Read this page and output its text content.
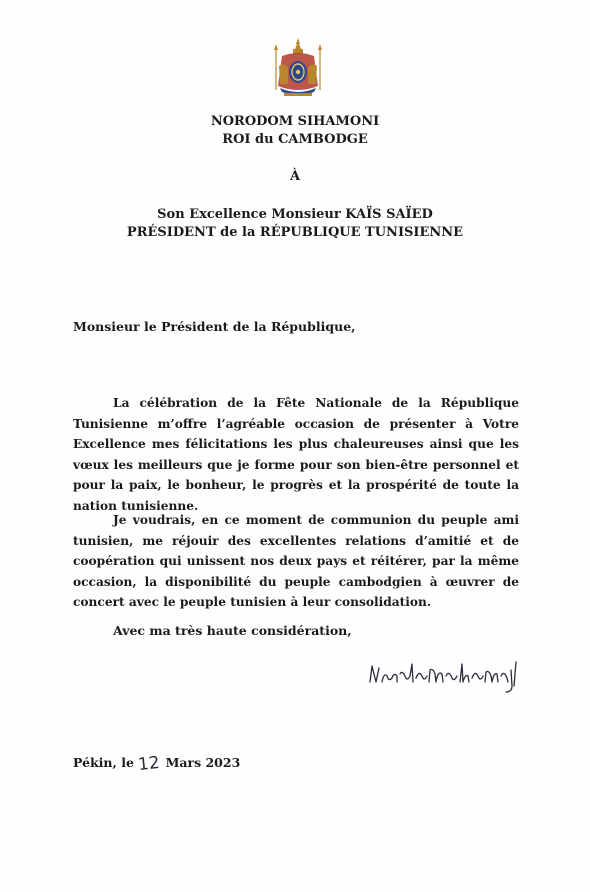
NORODOM SIHAMONI
ROI du CAMBODGE
À
Son Excellence Monsieur KAÏS SAÏED
PRÉSIDENT de la RÉPUBLIQUE TUNISIENNE
Monsieur le Président de la République,
La célébration de la Fête Nationale de la République Tunisienne m’offre l’agréable occasion de présenter à Votre Excellence mes félicitations les plus chaleureuses ainsi que les vœux les meilleurs que je forme pour son bien-être personnel et pour la paix, le bonheur, le progrès et la prospérité de toute la nation tunisienne.
Je voudrais, en ce moment de communion du peuple ami tunisien, me réjouir des excellentes relations d’amitié et de coopération qui unissent nos deux pays et réitérer, par la même occasion, la disponibilité du peuple cambodgien à œuvrer de concert avec le peuple tunisien à leur consolidation.
Avec ma très haute considération,
Pékin, le 12 Mars 2023
